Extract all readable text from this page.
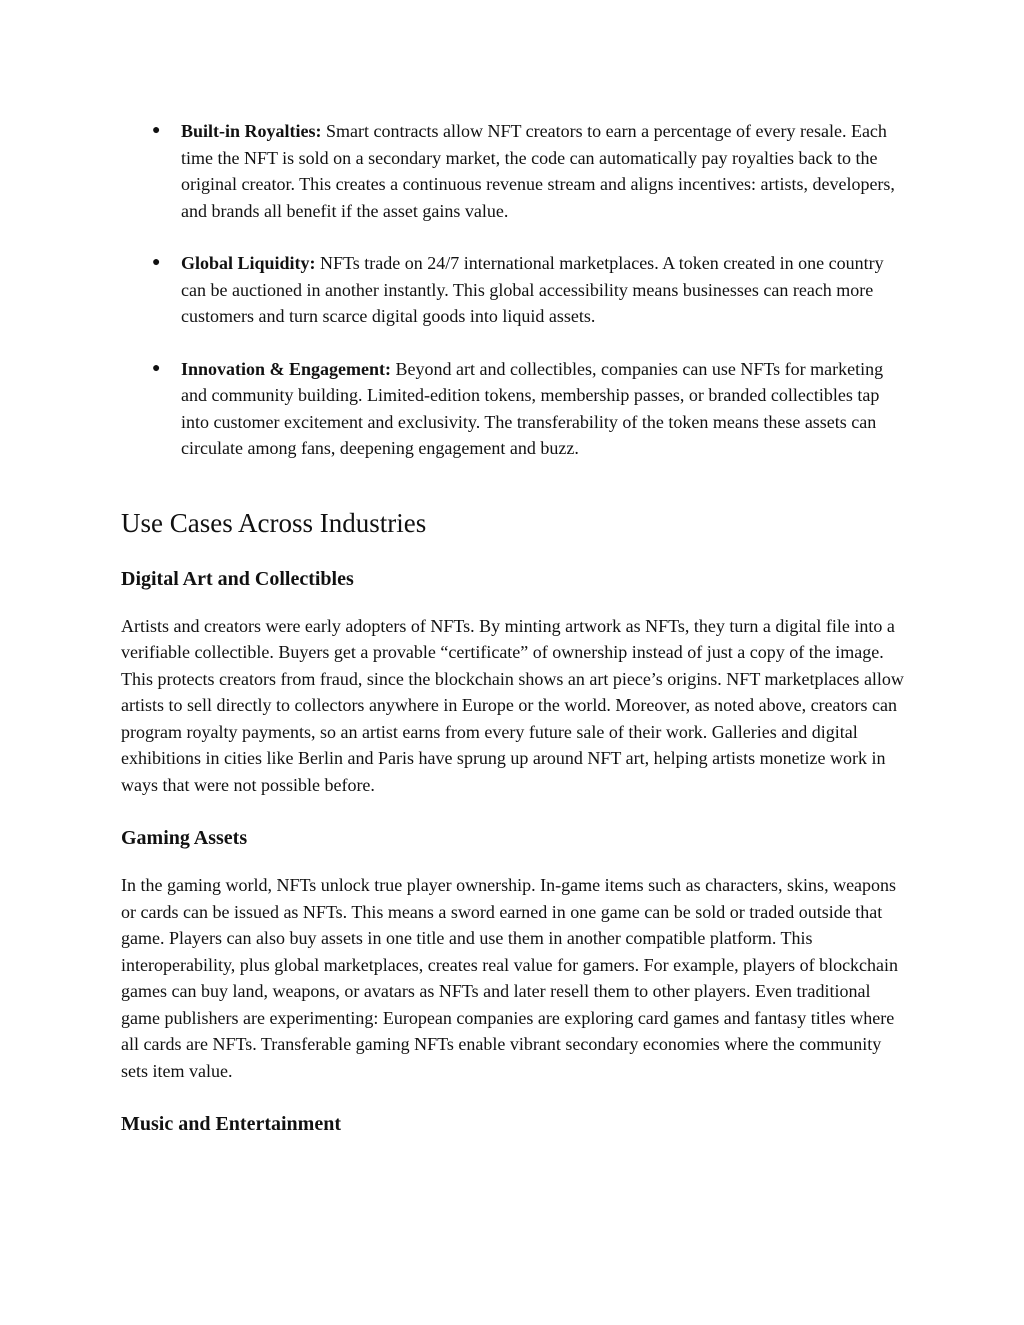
● Built‑in Royalties: Smart contracts allow NFT creators to earn a percentage of every resale. Each time the NFT is sold on a secondary market, the code can automatically pay royalties back to the original creator. This creates a continuous revenue stream and aligns incentives: artists, developers, and brands all benefit if the asset gains value.
● Global Liquidity: NFTs trade on 24/7 international marketplaces. A token created in one country can be auctioned in another instantly. This global accessibility means businesses can reach more customers and turn scarce digital goods into liquid assets.
● Innovation & Engagement: Beyond art and collectibles, companies can use NFTs for marketing and community building. Limited-edition tokens, membership passes, or branded collectibles tap into customer excitement and exclusivity. The transferability of the token means these assets can circulate among fans, deepening engagement and buzz.
Use Cases Across Industries
Digital Art and Collectibles

Artists and creators were early adopters of NFTs. By minting artwork as NFTs, they turn a digital file into a verifiable collectible. Buyers get a provable “certificate” of ownership instead of just a copy of the image. This protects creators from fraud, since the blockchain shows an art piece’s origins. NFT marketplaces allow artists to sell directly to collectors anywhere in Europe or the world. Moreover, as noted above, creators can program royalty payments, so an artist earns from every future sale of their work. Galleries and digital exhibitions in cities like Berlin and Paris have sprung up around NFT art, helping artists monetize work in ways that were not possible before.

Gaming Assets

In the gaming world, NFTs unlock true player ownership. In-game items such as characters, skins, weapons or cards can be issued as NFTs. This means a sword earned in one game can be sold or traded outside that game. Players can also buy assets in one title and use them in another compatible platform. This interoperability, plus global marketplaces, creates real value for gamers. For example, players of blockchain games can buy land, weapons, or avatars as NFTs and later resell them to other players. Even traditional game publishers are experimenting: European companies are exploring card games and fantasy titles where all cards are NFTs. Transferable gaming NFTs enable vibrant secondary economies where the community sets item value.

Music and Entertainment
